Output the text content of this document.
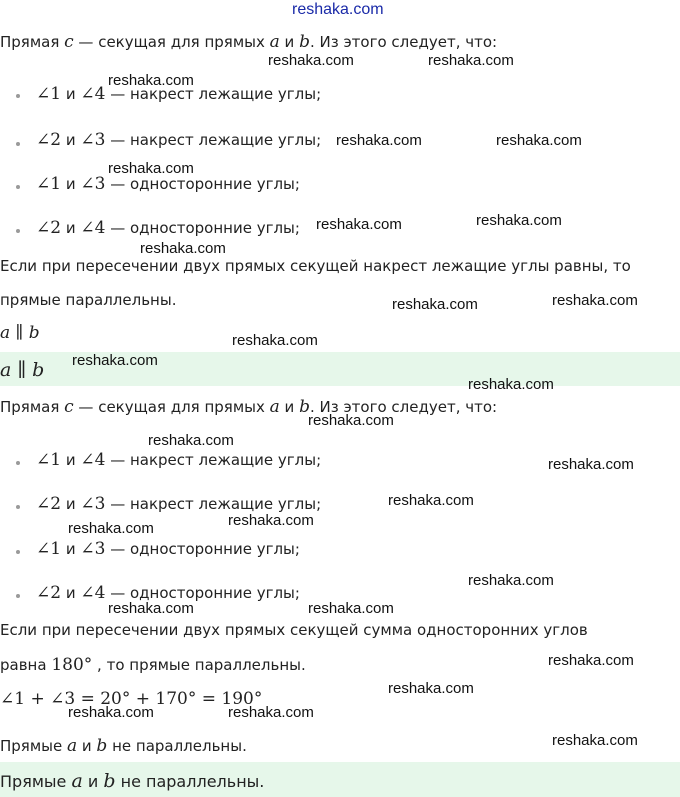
reshaka.com
Прямая c — секущая для прямых a и b. Из этого следует, что:
∠1 и ∠4 — накрест лежащие углы;
∠2 и ∠3 — накрест лежащие углы;
∠1 и ∠3 — односторонние углы;
∠2 и ∠4 — односторонние углы;
Если при пересечении двух прямых секущей накрест лежащие углы равны, то
прямые параллельны.
a ∥ b
a ∥ b
Прямая c — секущая для прямых a и b. Из этого следует, что:
∠1 и ∠4 — накрест лежащие углы;
∠2 и ∠3 — накрест лежащие углы;
∠1 и ∠3 — односторонние углы;
∠2 и ∠4 — односторонние углы;
Если при пересечении двух прямых секущей сумма односторонних углов
равна 180° , то прямые параллельны.
∠1 + ∠3 = 20° + 170° = 190°
Прямые a и b не параллельны.
Прямые a и b не параллельны.
reshaka.com	reshaka.com
reshaka.com
reshaka.com	reshaka.com
reshaka.com
reshaka.com
reshaka.com
reshaka.com
reshaka.com
reshaka.com
reshaka.com
reshaka.com
reshaka.com
reshaka.com
reshaka.com
reshaka.com
reshaka.com
reshaka.com
reshaka.com
reshaka.com
reshaka.com	reshaka.com
reshaka.com
reshaka.com
reshaka.com	reshaka.com
reshaka.com
